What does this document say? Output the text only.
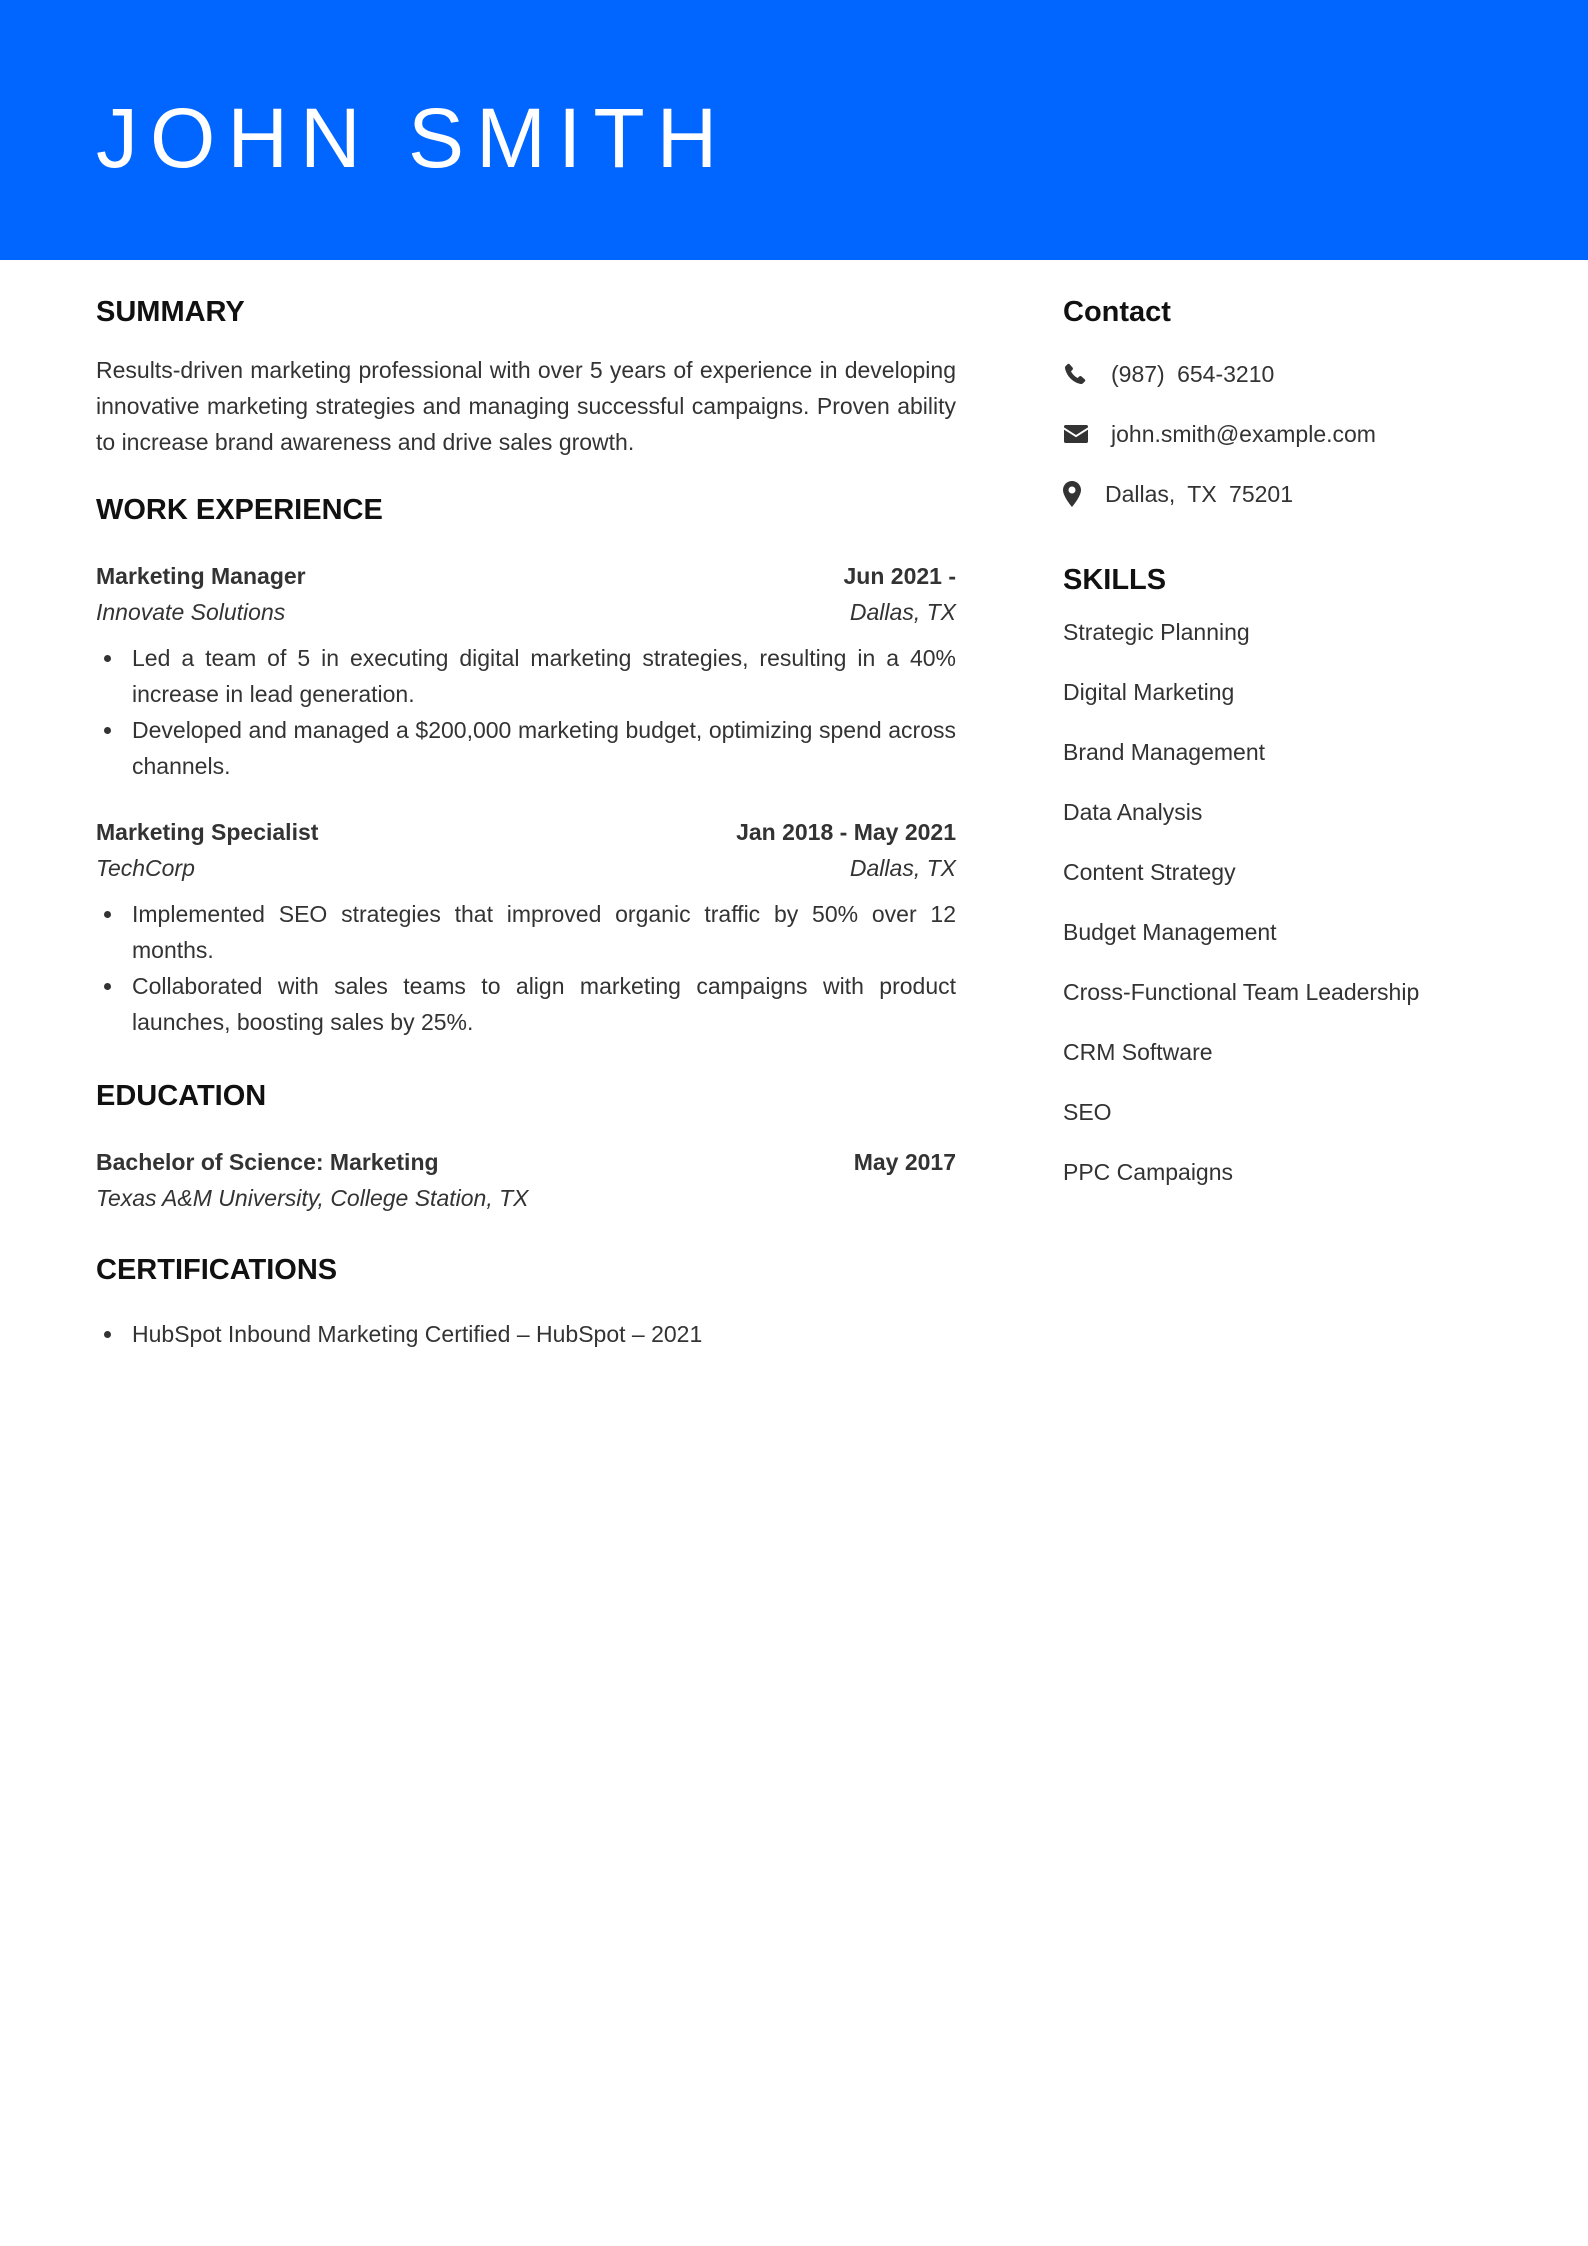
JOHN SMITH
SUMMARY

Results-driven marketing professional with over 5 years of experience in developing innovative marketing strategies and managing successful campaigns. Proven ability to increase brand awareness and drive sales growth.

WORK EXPERIENCE
Marketing Manager	Jun 2021 -
Innovate Solutions	Dallas, TX
Led a team of 5 in executing digital marketing strategies, resulting in a 40% increase in lead generation.
Developed and managed a $200,000 marketing budget, optimizing spend across channels.
Marketing Specialist	Jan 2018 - May 2021
TechCorp	Dallas, TX
Implemented SEO strategies that improved organic traffic by 50% over 12 months.
Collaborated with sales teams to align marketing campaigns with product launches, boosting sales by 25%.
EDUCATION
Bachelor of Science: Marketing	May 2017
Texas A&M University, College Station, TX
CERTIFICATIONS
HubSpot Inbound Marketing Certified – HubSpot – 2021
Contact
(987) 654-3210
john.smith@example.com
Dallas, TX 75201
SKILLS
Strategic Planning
Digital Marketing
Brand Management
Data Analysis
Content Strategy
Budget Management
Cross-Functional Team Leadership
CRM Software
SEO
PPC Campaigns
